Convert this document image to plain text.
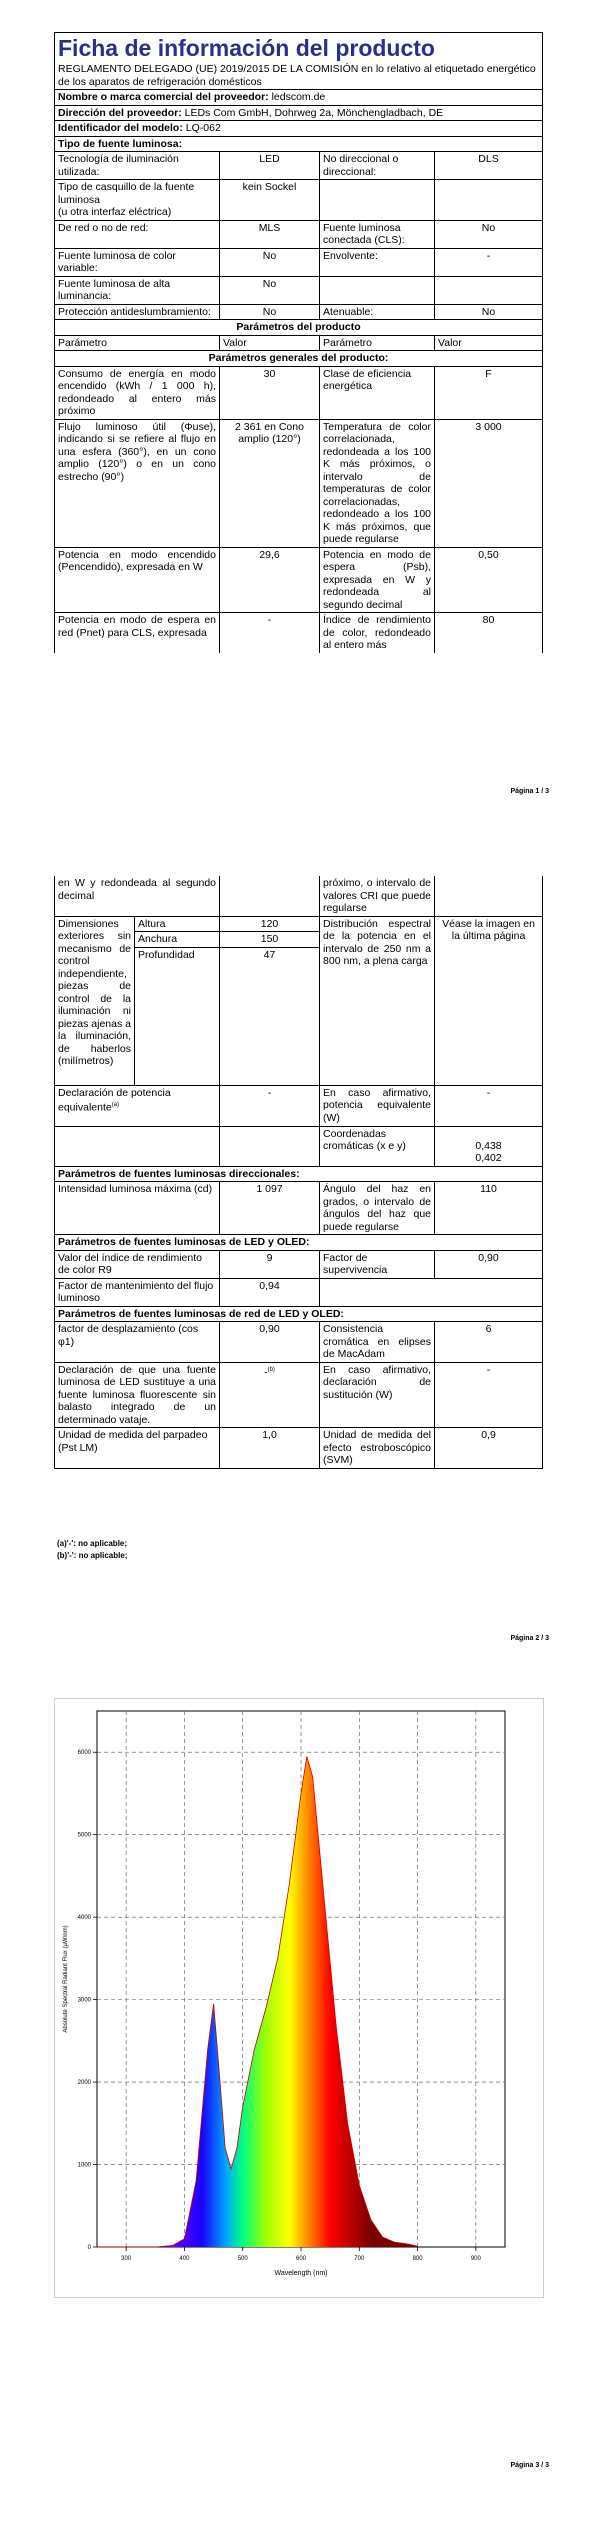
Ficha de información del producto
REGLAMENTO DELEGADO (UE) 2019/2015 DE LA COMISIÓN en lo relativo al etiquetado energético de los aparatos de refrigeración domésticos			

Nombre o marca comercial del proveedor: ledscom.de			
Dirección del proveedor: LEDs Com GmbH, Dohrweg 2a, Mönchengladbach, DE			
Identificador del modelo: LQ-062			
Tipo de fuente luminosa:			
Tecnología de iluminación utilizada:	LED	No direccional o direccional:	DLS
Tipo de casquillo de la fuente luminosa
(u otra interfaz eléctrica)	kein Sockel		
De red o no de red:	MLS	Fuente luminosa conectada (CLS):	No
Fuente luminosa de color variable:	No	Envolvente:	-
Fuente luminosa de alta luminancia:	No		
Protección antideslumbramiento:	No	Atenuable:	No
Parámetros del producto			
Parámetro	Valor	Parámetro	Valor
Parámetros generales del producto:			
Consumo de energía en modo encendido (kWh / 1 000 h), redondeado al entero más próximo	30	Clase de eficiencia energética	F
Flujo luminoso útil (Φuse), indicando si se refiere al flujo en una esfera (360°), en un cono amplio (120°) o en un cono estrecho (90°)	2 361 en Cono amplio (120°)	Temperatura de color correlacionada, redondeada a los 100 K más próximos, o intervalo de temperaturas de color correlacionadas, redondeado a los 100 K más próximos, que puede regularse	3 000
Potencia en modo encendido (Pencendido), expresada en W	29,6	Potencia en modo de espera (Psb), expresada en W y redondeada al segundo decimal	0,50
Potencia en modo de espera en red (Pnet) para CLS, expresada	-	Índice de rendimiento de color, redondeado al entero más	80
Página 1 / 3
en W y redondeada al segundo decimal			próximo, o intervalo de valores CRI que puede regularse	
Dimensiones exteriores sin mecanismo de control independiente, piezas de control de la iluminación ni piezas ajenas a la iluminación, de haberlos (milímetros)	Altura	120	Distribución espectral de la potencia en el intervalo de 250 nm a 800 nm, a plena carga	Véase la imagen en la última página
	Anchura	150		
	Profundidad	47		
Declaración de potencia equivalente$^{(a)}$		-	En caso afirmativo, potencia equivalente (W)	-
			Coordenadas cromáticas (x e y)	0,438
0,402

Parámetros de fuentes luminosas direccionales:				
Intensidad luminosa máxima (cd)		1 097	Ángulo del haz en grados, o intervalo de ángulos del haz que puede regularse	110
Parámetros de fuentes luminosas de LED y OLED:				
Valor del índice de rendimiento de color R9		9	Factor de supervivencia	0,90
Factor de mantenimiento del flujo luminoso		0,94		
Parámetros de fuentes luminosas de red de LED y OLED:				
factor de desplazamiento (cos φ1)		0,90	Consistencia cromática en elipses de MacAdam	6
Declaración de que una fuente luminosa de LED sustituye a una fuente luminosa fluorescente sin balasto integrado de un determinado vataje.		-$^{(b)}$	En caso afirmativo, declaración de sustitución (W)	-
Unidad de medida del parpadeo (Pst LM)		1,0	Unidad de medida del efecto estroboscópico (SVM)	0,9
(a)'-': no aplicable;
(b)'-': no aplicable;
Página 2 / 3
300	400	500	600	700	800	900
0
1000
2000
3000
4000
5000
6000
Wavelength (nm)
Absolute Spectral Radiant Flux (µW/nm)
Página 3 / 3
